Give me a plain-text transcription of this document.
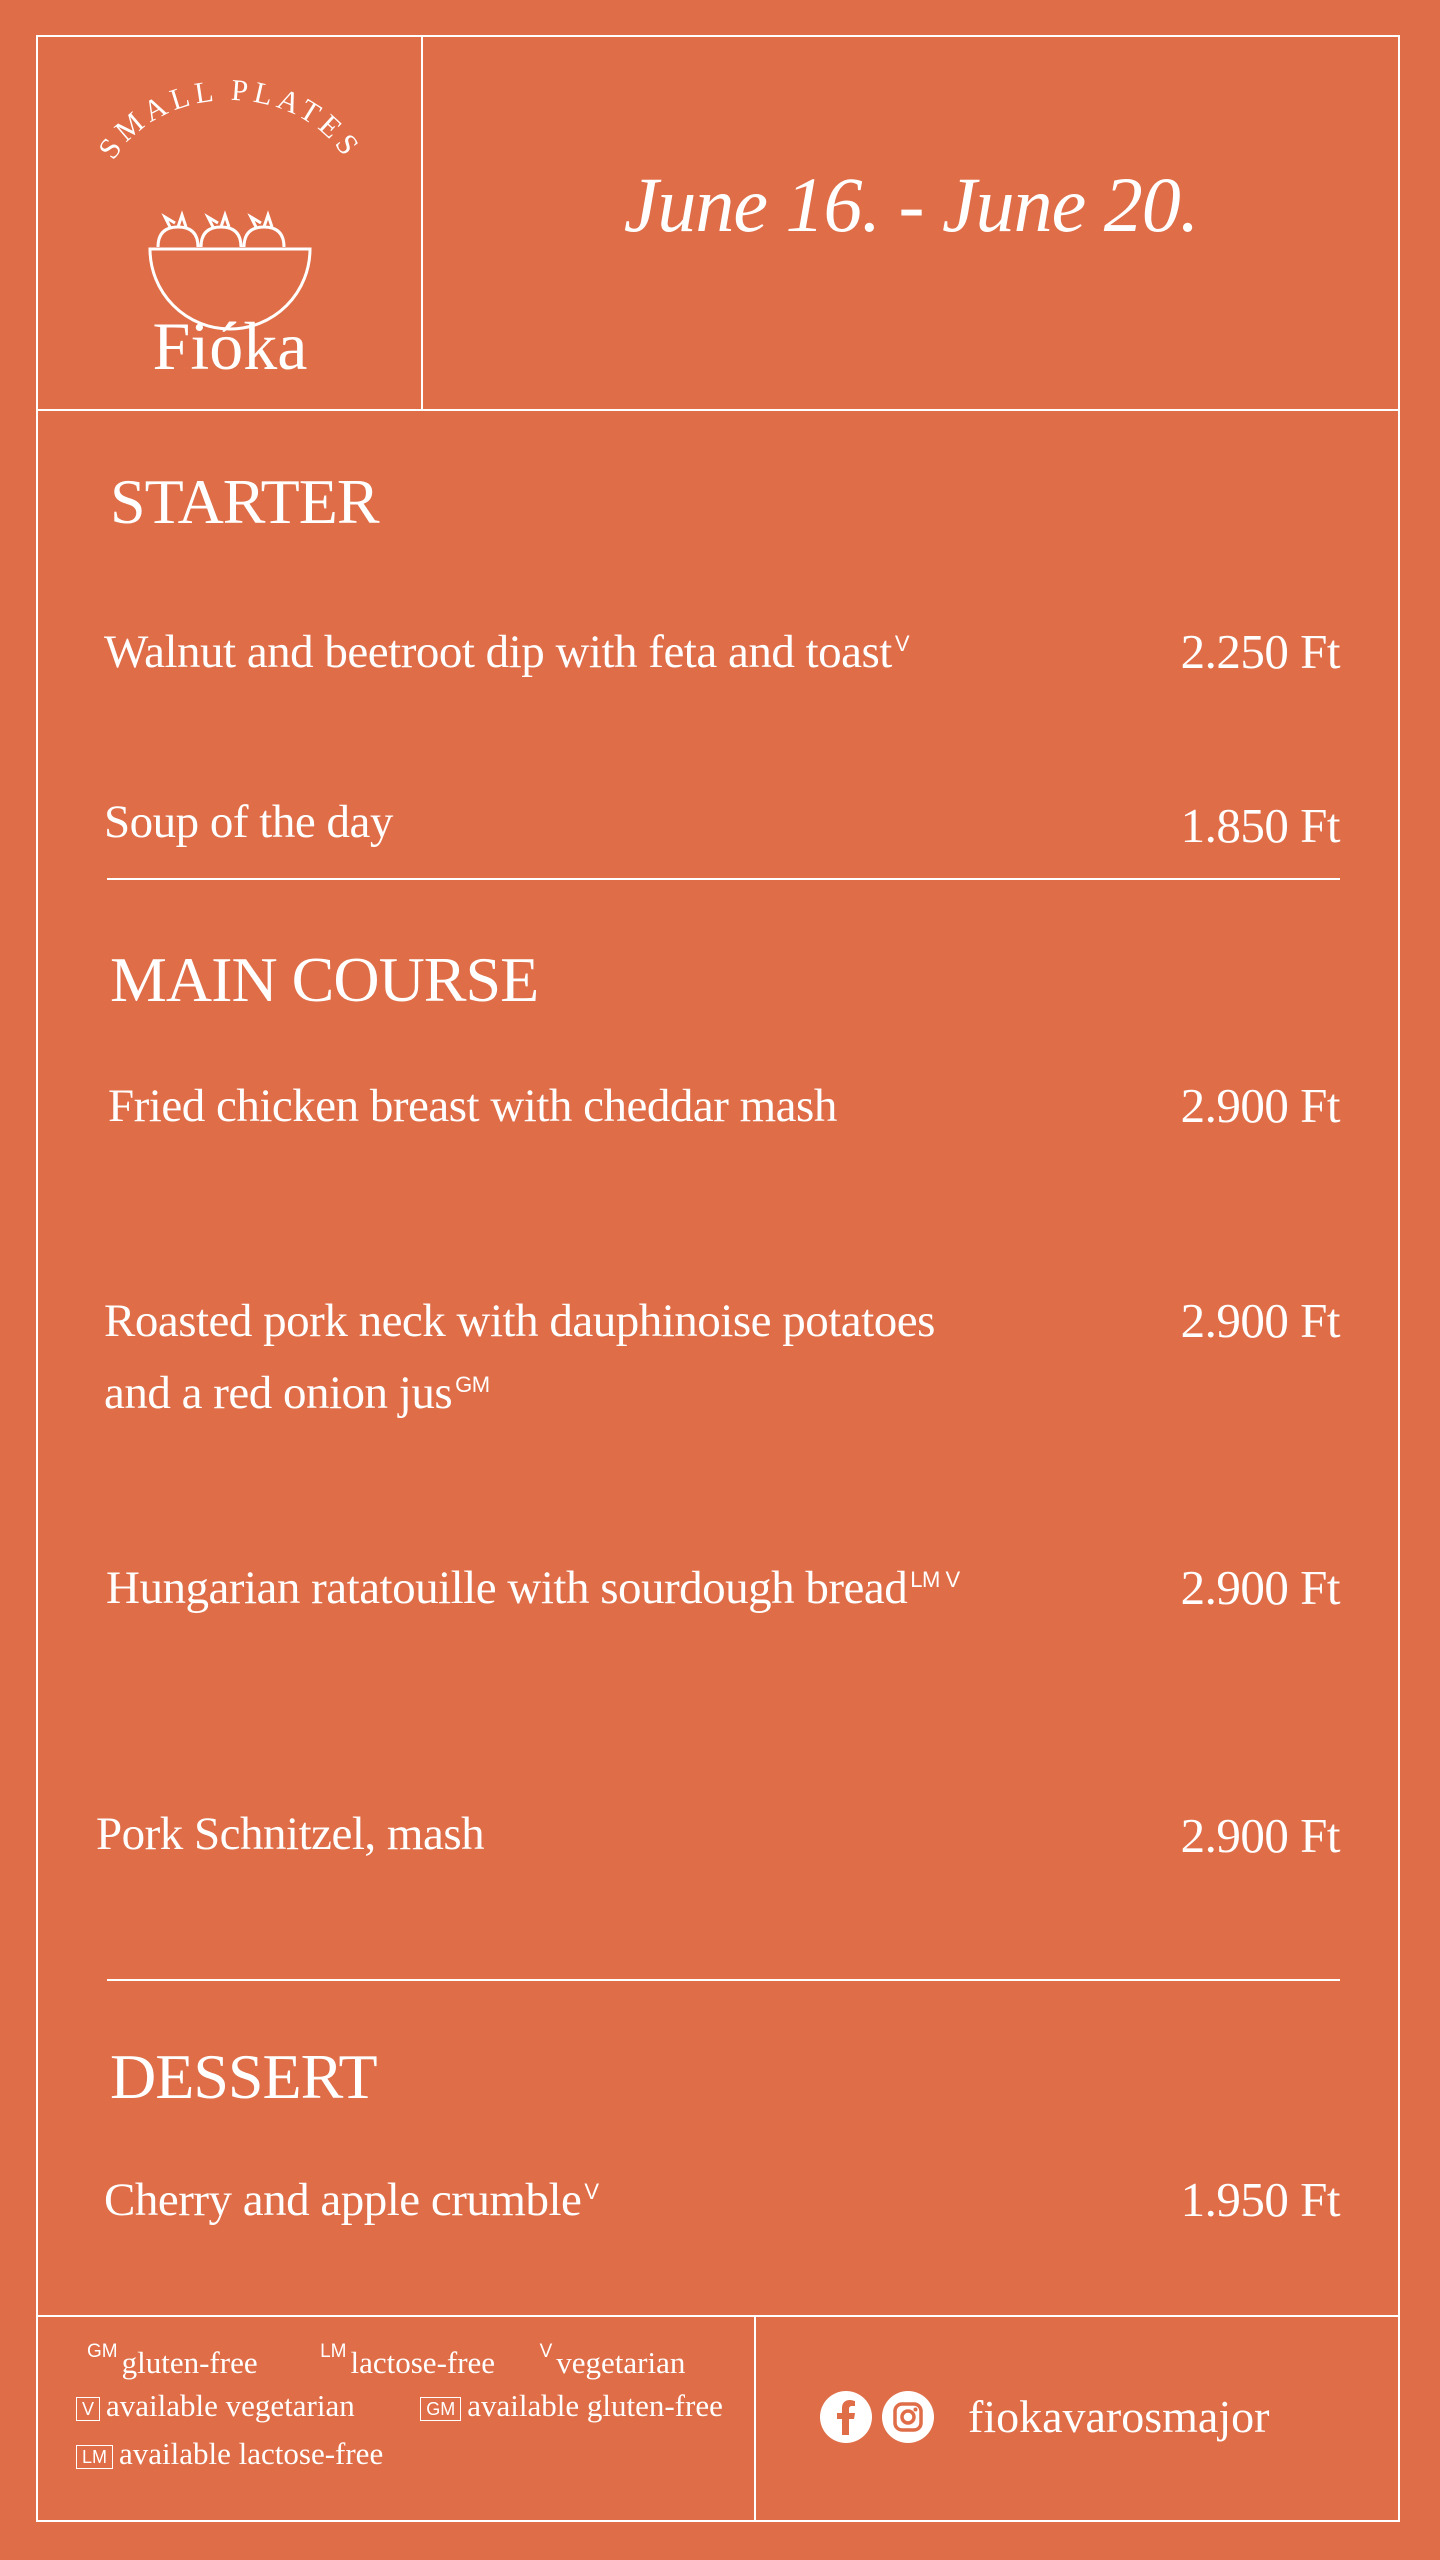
SMALL PLATES
Fióka
June 16. - June 20.
STARTER
Walnut and beetroot dip with feta and toast $^V$	2.250 Ft
Soup of the day	1.850 Ft
MAIN COURSE
Fried chicken breast with cheddar mash	2.900 Ft
Roasted pork neck with dauphinoise potatoes
and a red onion jus $^{GM}$
2.900 Ft
Hungarian ratatouille with sourdough bread $^{LM V}$	2.900 Ft
Pork Schnitzel, mash	2.900 Ft
DESSERT
Cherry and apple crumble $^V$	1.950 Ft
$^{GM}$ gluten-free	$^{LM}$ lactose-free $^V$ vegetarian
V available vegetarian	GM available gluten-free
LM available lactose-free
fiokavarosmajor
